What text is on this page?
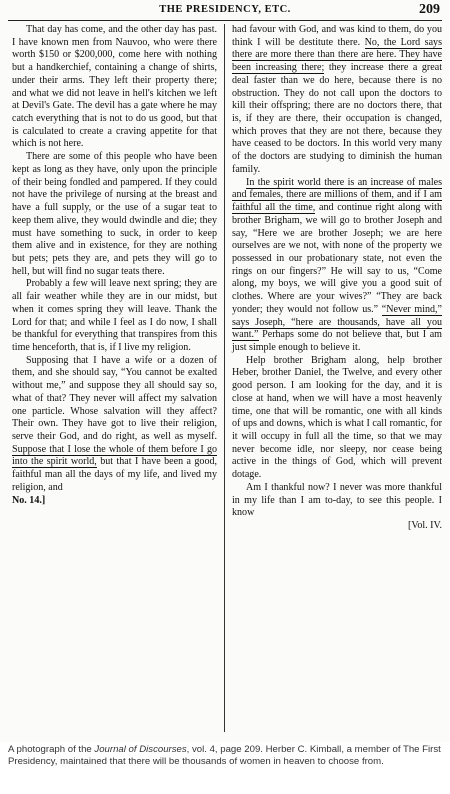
THE PRESIDENCY, ETC.	209

That day has come, and the other day has past. I have known men from Nauvoo, who were there worth $150 or $200,000, come here with nothing but a handkerchief, containing a change of shirts, under their arms. They left their property there; and what we did not leave in hell's kitchen we left at Devil's Gate. The devil has a gate where he may catch everything that is not to do us good, but that is calculated to create a craving appetite for that which is not here.

There are some of this people who have been kept as long as they have, only upon the principle of their being fondled and pampered. If they could not have the privilege of nursing at the breast and have a full supply, or the use of a sugar teat to keep them alive, they would dwindle and die; they must have something to suck, in order to keep them alive and in existence, for they are nothing but pets; pets they are, and pets they will go to hell, but will find no sugar teats there.

Probably a few will leave next spring; they are all fair weather while they are in our midst, but when it comes spring they will leave. Thank the Lord for that; and while I feel as I do now, I shall be thankful for everything that transpires from this time henceforth, that is, if I live my religion.

Supposing that I have a wife or a dozen of them, and she should say, “You cannot be exalted without me,” and suppose they all should say so, what of that? They never will affect my salvation one particle. Whose salvation will they affect? Their own. They have got to live their religion, serve their God, and do right, as well as myself. Suppose that I lose the whole of them before I go into the spirit world, but that I have been a good, faithful man all the days of my life, and lived my religion, and

No. 14.]

had favour with God, and was kind to them, do you think I will be destitute there. No, the Lord says there are more there than there are here. They have been increasing there; they increase there a great deal faster than we do here, because there is no obstruction. They do not call upon the doctors to kill their offspring; there are no doctors there, that is, if they are there, their occupation is changed, which proves that they are not there, because they have ceased to be doctors. In this world very many of the doctors are studying to diminish the human family.

In the spirit world there is an increase of males and females, there are millions of them, and if I am faithful all the time, and continue right along with brother Brigham, we will go to brother Joseph and say, “Here we are brother Joseph; we are here ourselves are we not, with none of the property we possessed in our probationary state, not even the rings on our fingers?” He will say to us, “Come along, my boys, we will give you a good suit of clothes. Where are your wives?” “They are back yonder; they would not follow us.” “Never mind,” says Joseph, “here are thousands, have all you want.” Perhaps some do not believe that, but I am just simple enough to believe it.

Help brother Brigham along, help brother Heber, brother Daniel, the Twelve, and every other good person. I am looking for the day, and it is close at hand, when we will have a most heavenly time, one that will be romantic, one with all kinds of ups and downs, which is what I call romantic, for it will occupy in full all the time, so that we may never become idle, nor sleepy, nor cease being active in the things of God, which will prevent dotage.

Am I thankful now? I never was more thankful in my life than I am to-day, to see this people. I know

[Vol. IV.
A photograph of the Journal of Discourses, vol. 4, page 209. Herber C. Kimball, a member of The First Presidency, maintained that there will be thousands of women in heaven to choose from.
